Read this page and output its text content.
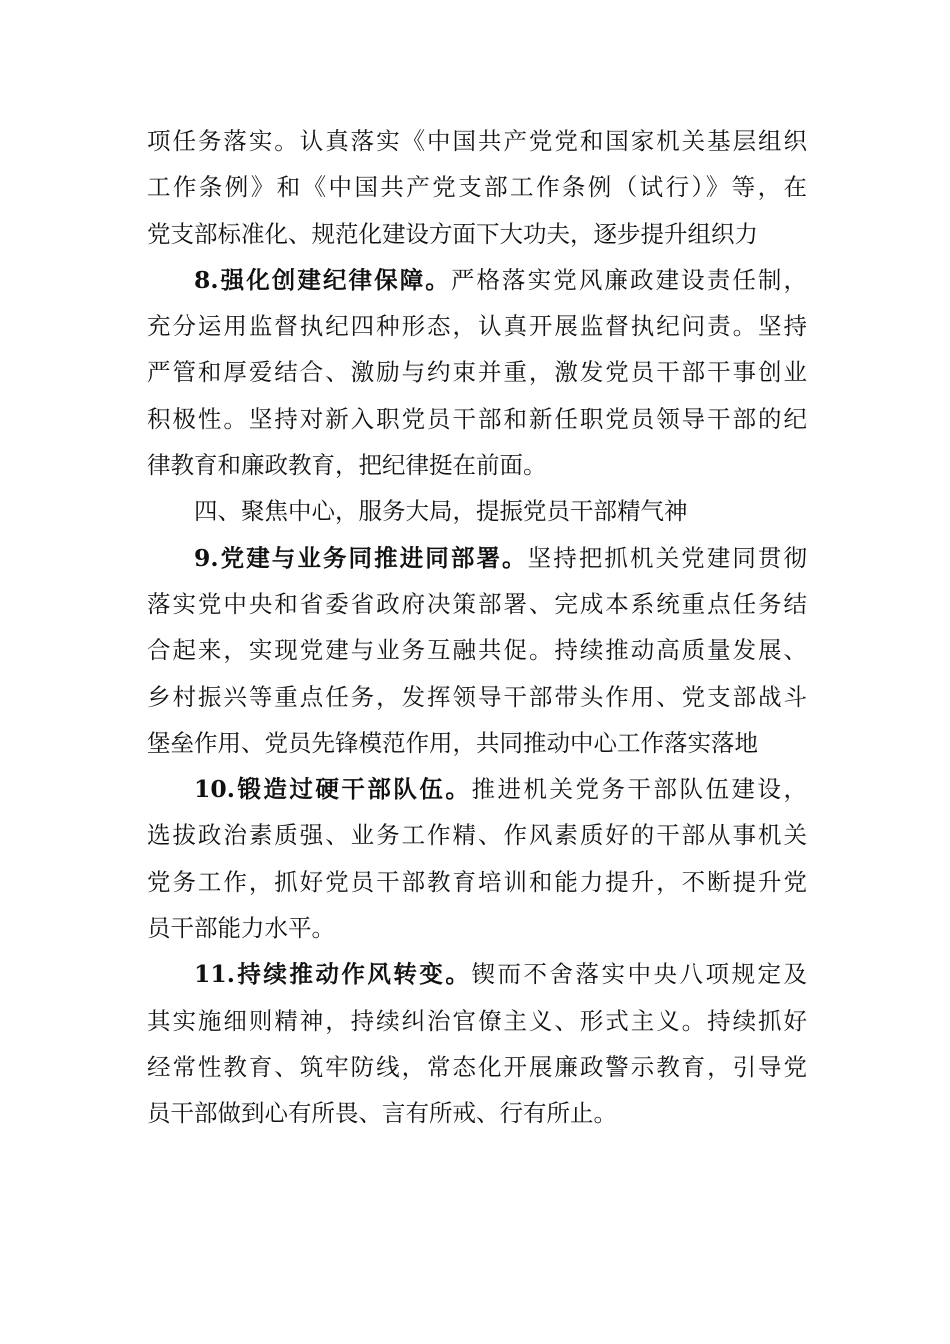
项任务落实。认真落实《中国共产党党和国家机关基层组织
工作条例》和《中国共产党支部工作条例（试行）》等，在
党支部标准化、规范化建设方面下大功夫，逐步提升组织力
8.强化创建纪律保障。严格落实党风廉政建设责任制，
充分运用监督执纪四种形态，认真开展监督执纪问责。坚持
严管和厚爱结合、激励与约束并重，激发党员干部干事创业
积极性。坚持对新入职党员干部和新任职党员领导干部的纪
律教育和廉政教育，把纪律挺在前面。
四、聚焦中心，服务大局，提振党员干部精气神
9.党建与业务同推进同部署。坚持把抓机关党建同贯彻
落实党中央和省委省政府决策部署、完成本系统重点任务结
合起来，实现党建与业务互融共促。持续推动高质量发展、
乡村振兴等重点任务，发挥领导干部带头作用、党支部战斗
堡垒作用、党员先锋模范作用，共同推动中心工作落实落地
10.锻造过硬干部队伍。推进机关党务干部队伍建设，
选拔政治素质强、业务工作精、作风素质好的干部从事机关
党务工作，抓好党员干部教育培训和能力提升，不断提升党
员干部能力水平。
11.持续推动作风转变。锲而不舍落实中央八项规定及
其实施细则精神，持续纠治官僚主义、形式主义。持续抓好
经常性教育、筑牢防线，常态化开展廉政警示教育，引导党
员干部做到心有所畏、言有所戒、行有所止。
